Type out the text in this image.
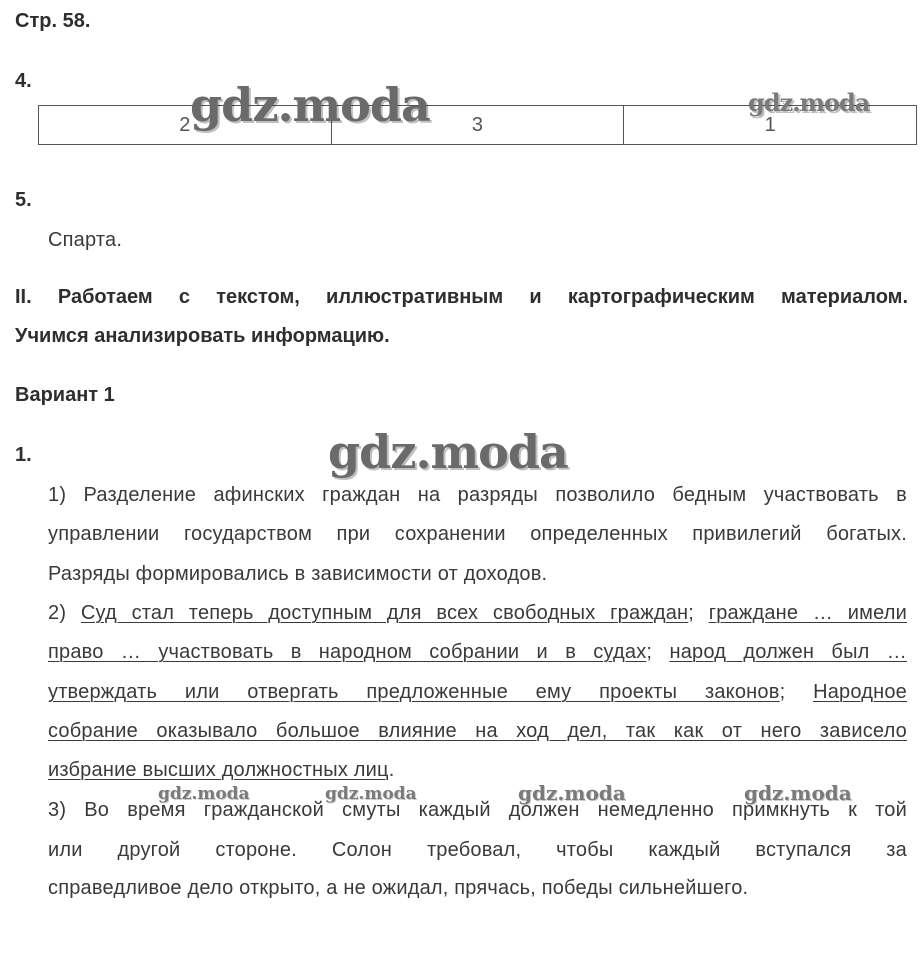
Стр. 58.
4.
2	3	1
5.
Спарта.
II. Работаем с текстом, иллюстративным и картографическим материалом.
Учимся анализировать информацию.
Вариант 1
1.
1) Разделение афинских граждан на разряды позволило бедным участвовать в
управлении государством при сохранении определенных привилегий богатых.
Разряды формировались в зависимости от доходов.
2) Суд стал теперь доступным для всех свободных граждан; граждане … имели
право … участвовать в народном собрании и в судах; народ должен был …
утверждать или отвергать предложенные ему проекты законов; Народное
собрание оказывало большое влияние на ход дел, так как от него зависело
избрание высших должностных лиц.
3) Во время гражданской смуты каждый должен немедленно примкнуть к той
или другой стороне. Солон требовал, чтобы каждый вступался за
справедливое дело открыто, а не ожидал, прячась, победы сильнейшего.
gdz.moda	gdz.moda
gdz.moda
gdz.moda	gdz.moda	gdz.moda	gdz.moda
